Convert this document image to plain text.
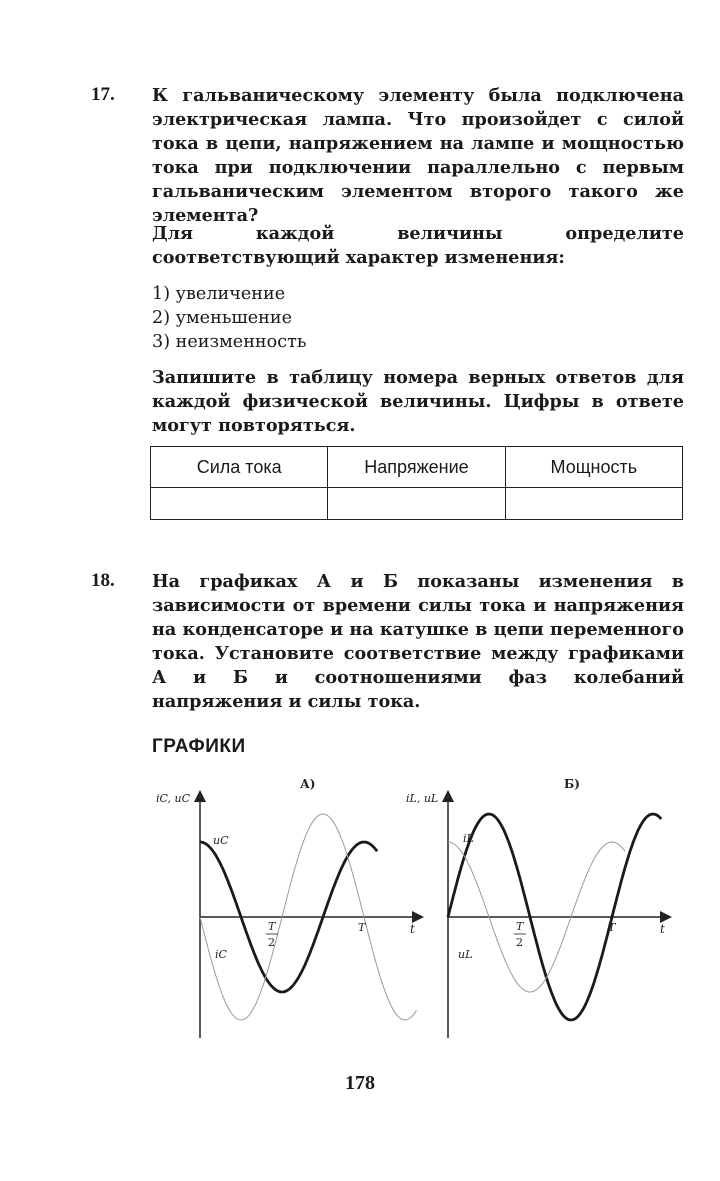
17. К гальваническому элементу была подключена электрическая лампа. Что произойдет с силой тока в цепи, напряжением на лампе и мощностью тока при подключении параллельно с первым гальваническим элементом второго такого же элемента?

Для каждой величины определите соответствующий характер изменения:

1) увеличение
2) уменьшение
3) неизменность

Запишите в таблицу номера верных ответов для каждой физической величины. Цифры в ответе могут повторяться.

Сила тока	Напряжение	Мощность

18. На графиках А и Б показаны изменения в зависимости от времени силы тока и напряжения на конденсаторе и на катушке в цепи переменного тока. Установите соответствие между графиками А и Б и соотношениями фаз колебаний напряжения и силы тока.

ГРАФИКИ
А)
iC, uC
t
uC
iC
T
2
T
Б)
iL, uL
t
iL
uL
T
2
T
178
